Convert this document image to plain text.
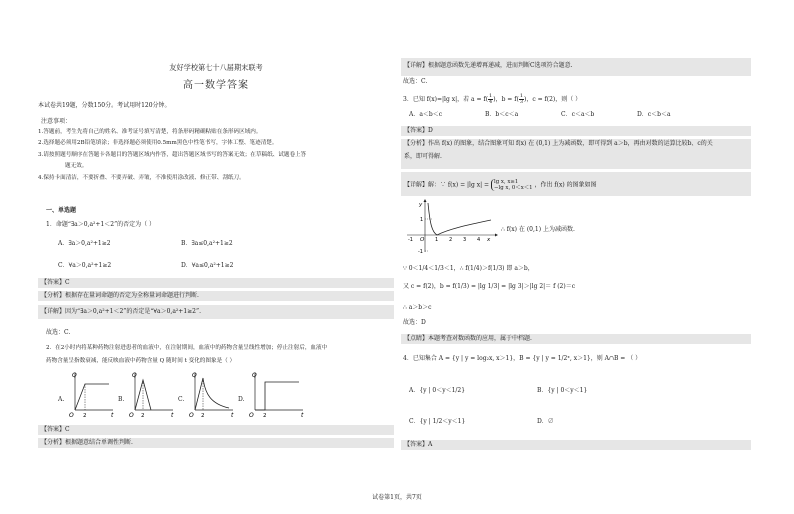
友好学校第七十八届期末联考
高一数学答案
本试卷共19题，分数150分。考试用时120分钟。
注意事项：
1.答题前，考生先将自己的姓名、准考证号填写清楚，将条形码精确粘贴在条形码区域内。
2.选择题必须用2B铅笔填涂；非选择题必须使用0.5mm黑色中性笔书写，字体工整、笔迹清楚。
3.请按照题号顺序在答题卡各题目的答题区域内作答，超出答题区域书写的答案无效；在草稿纸、试题卷上答
题无效。
4.保持卡面清洁，不要折叠、不要弄破、弄皱，不准使用涂改液、修正带、刮纸刀。
一、单选题
1．命题“∃a＞0,a²+1＜2”的否定为（ ）
A．∃a＞0,a²+1≥2	B．∃a≤0,a²+1≥2
C．∀a＞0,a²+1≥2	D．∀a≤0,a²+1≥2
【答案】C
【分析】根据存在量词命题的否定为全称量词命题进行判断.
【详解】因为“∃a＞0,a²+1＜2”的否定是“∀a＞0,a²+1≥2”.
故选：C.
2．在2小时内将某种药物注射进患者的血液中，在注射期间，血液中的药物含量呈线性增加；停止注射后，血液中
药物含量呈指数衰减，能反映血液中药物含量 Q 随时间 t 变化的图象是（ ）
A.
Q
O 2	t
B.
Q
O 2	t
C.
Q
O 2	t
D.
Q
O 2	t
【答案】C
【分析】根据题意结合单调性判断.
【详解】根据题意函数先递增再递减，进而判断C选项符合题意.
故选：C.
3．已知 f(x)=|lg x|，若 $a = f( \frac{1}{4}$ )，$b = f( \frac{1}{3}$ )，c = f(2)，则（ ）
A．a＜b＜c	B．b＜c＜a	C．c＜a＜b	D．c＜b＜a
【答案】D
【分析】作出 f(x) 的图象，结合图象可知 f(x) 在 (0,1) 上为减函数，即可得到 a＞b，再由对数的运算比较b、c的关
系，即可得解.
【详解】解：∵ f(x) = |lg x| = lg x, x≥1
−lg x, 0＜x＜1 ，作出 f(x) 的图象如图
y
1
-1
-1 O 1 2 3 4 x
∴ f(x) 在 (0,1) 上为减函数.
∵ 0＜1/4＜1/3＜1，∴ f(1/4)＞f(1/3) 即 a＞b，
又 c = f(2)，b = f(1/3) = |lg 1/3| = |lg 3|＞|lg 2|＝ f (2)＝c
∴ a＞b＞c
故选：D
【点睛】本题考查对数函数的应用，属于中档题.
4．已知集合 A = {y | y = log₂x, x＞1}，B = {y | y = 1/2ˣ, x＞1}，则 A∩B = （ ）
A．{y | 0＜y＜1/2}	B．{y | 0＜y＜1}
C．{y | 1/2＜y＜1}	D．∅
【答案】A
试卷第1页，共7页
